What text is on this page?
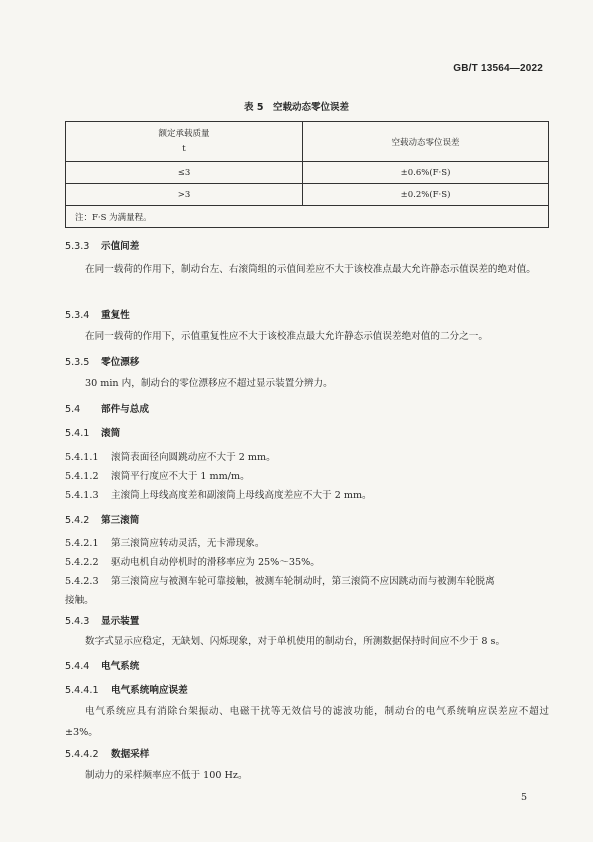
GB/T 13564—2022
表 5　空载动态零位误差
额定承载质量
t	空载动态零位误差
≤3	±0.6%(F·S)
>3	±0.2%(F·S)
注：F·S 为满量程。	
5.3.3 示值间差
在同一载荷的作用下，制动台左、右滚筒组的示值间差应不大于该校准点最大允许静态示值误差的绝对值。
5.3.4 重复性
在同一载荷的作用下，示值重复性应不大于该校准点最大允许静态示值误差绝对值的二分之一。
5.3.5 零位漂移
30 min 内，制动台的零位漂移应不超过显示装置分辨力。
5.4 部件与总成
5.4.1 滚筒
5.4.1.1 滚筒表面径向圆跳动应不大于 2 mm。
5.4.1.2 滚筒平行度应不大于 1 mm/m。
5.4.1.3 主滚筒上母线高度差和副滚筒上母线高度差应不大于 2 mm。
5.4.2 第三滚筒
5.4.2.1 第三滚筒应转动灵活，无卡滞现象。
5.4.2.2 驱动电机自动停机时的滑移率应为 25%～35%。
5.4.2.3 第三滚筒应与被测车轮可靠接触，被测车轮制动时，第三滚筒不应因跳动而与被测车轮脱离
接触。
5.4.3 显示装置
数字式显示应稳定，无缺划、闪烁现象，对于单机使用的制动台，所测数据保持时间应不少于 8 s。
5.4.4 电气系统
5.4.4.1 电气系统响应误差
电气系统应具有消除台架振动、电磁干扰等无效信号的滤波功能，制动台的电气系统响应误差应不超过±3%。
5.4.4.2 数据采样
制动力的采样频率应不低于 100 Hz。
5
